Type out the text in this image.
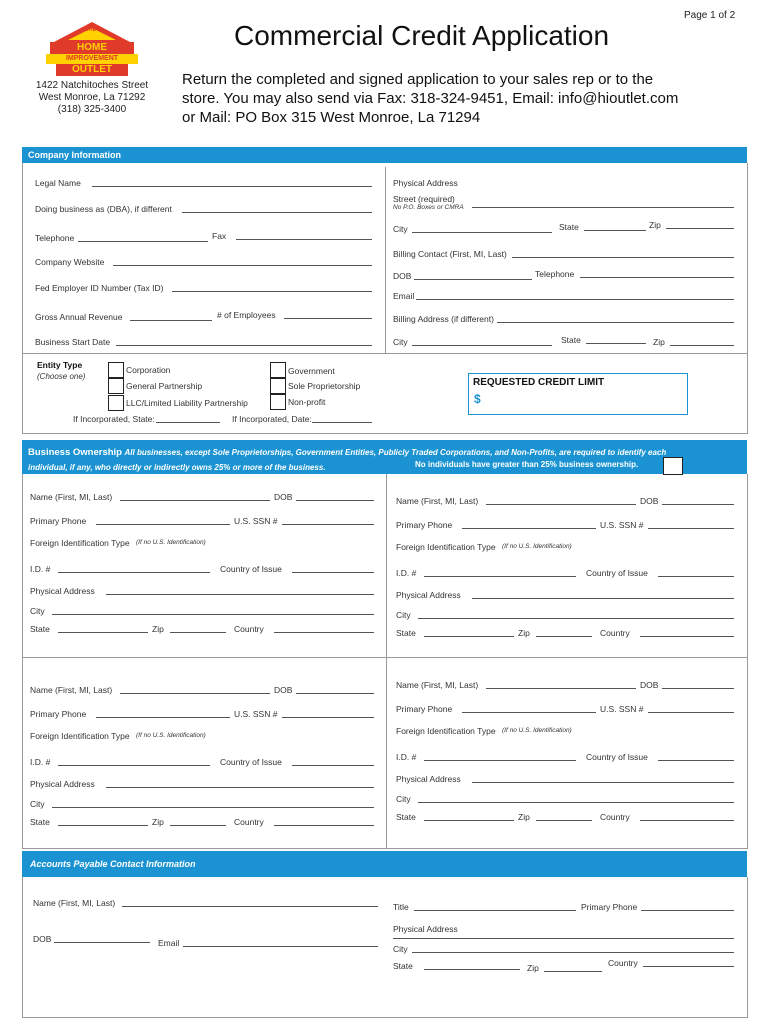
Page 1 of 2
THE
HOME
IMPROVEMENT
OUTLET
1422 Natchitoches Street
West Monroe, La 71292
(318) 325-3400
Commercial Credit Application
Return the completed and signed application to your sales rep or to the
store. You may also send via Fax: 318-324-9451, Email: info@hioutlet.com
or Mail: PO Box 315 West Monroe, La 71294
Company Information
Legal Name
Doing business as (DBA), if different
Telephone	Fax
Company Website
Fed Employer ID Number (Tax ID)
Gross Annual Revenue	# of Employees
Business Start Date
Physical Address
Street (required)
No P.O. Boxes or CMRA
City	State	Zip
Billing Contact (First, MI, Last)
DOB	Telephone
Email
Billing Address (if different)
City	State	Zip
Entity Type
(Choose one)
Corporation
General Partnership
LLC/Limited Liability Partnership
Government
Sole Proprietorship
Non-profit
If Incorporated, State:	If Incorporated, Date:
REQUESTED CREDIT LIMIT
$
Business Ownership All businesses, except Sole Proprietorships, Government Entities, Publicly Traded Corporations, and Non-Profits, are required to identify each
individual, if any, who directly or indirectly owns 25% or more of the business.	No individuals have greater than 25% business ownership.
Name (First, MI, Last)	DOB
Primary Phone	U.S. SSN #
Foreign Identification Type (If no U.S. Identification)
I.D. #	Country of Issue
Physical Address
City
State	Zip	Country
Name (First, MI, Last)	DOB
Primary Phone	U.S. SSN #
Foreign Identification Type (If no U.S. Identification)
I.D. #	Country of Issue
Physical Address
City
State	Zip	Country
Name (First, MI, Last)	DOB
Primary Phone	U.S. SSN #
Foreign Identification Type (If no U.S. Identification)
I.D. #	Country of Issue
Physical Address
City
State	Zip	Country
Name (First, MI, Last)	DOB
Primary Phone	U.S. SSN #
Foreign Identification Type (If no U.S. Identification)
I.D. #	Country of Issue
Physical Address
City
State	Zip	Country
Accounts Payable Contact Information
Name (First, MI, Last)
DOB	Email
Title	Primary Phone
Physical Address
City
State	Zip	Country
